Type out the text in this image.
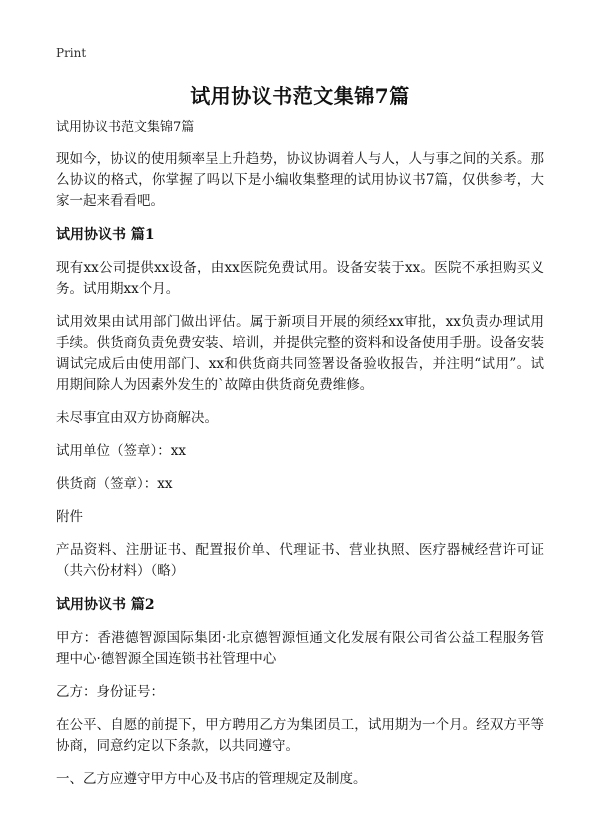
Print
试用协议书范文集锦7篇

试用协议书范文集锦7篇

现如今，协议的使用频率呈上升趋势，协议协调着人与人，人与事之间的关系。那么协议的格式，你掌握了吗以下是小编收集整理的试用协议书7篇，仅供参考，大家一起来看看吧。

试用协议书 篇1

现有xx公司提供xx设备，由xx医院免费试用。设备安装于xx。医院不承担购买义务。试用期xx个月。

试用效果由试用部门做出评估。属于新项目开展的须经xx审批，xx负责办理试用手续。供货商负责免费安装、培训，并提供完整的资料和设备使用手册。设备安装调试完成后由使用部门、xx和供货商共同签署设备验收报告，并注明“试用”。试用期间除人为因素外发生的`故障由供货商免费维修。

未尽事宜由双方协商解决。

试用单位（签章）：xx

供货商（签章）：xx

附件

产品资料、注册证书、配置报价单、代理证书、营业执照、医疗器械经营许可证（共六份材料）（略）

试用协议书 篇2

甲方：香港德智源国际集团·北京德智源恒通文化发展有限公司省公益工程服务管理中心·德智源全国连锁书社管理中心

乙方：身份证号：

在公平、自愿的前提下，甲方聘用乙方为集团员工，试用期为一个月。经双方平等协商，同意约定以下条款，以共同遵守。

一、乙方应遵守甲方中心及书店的管理规定及制度。
